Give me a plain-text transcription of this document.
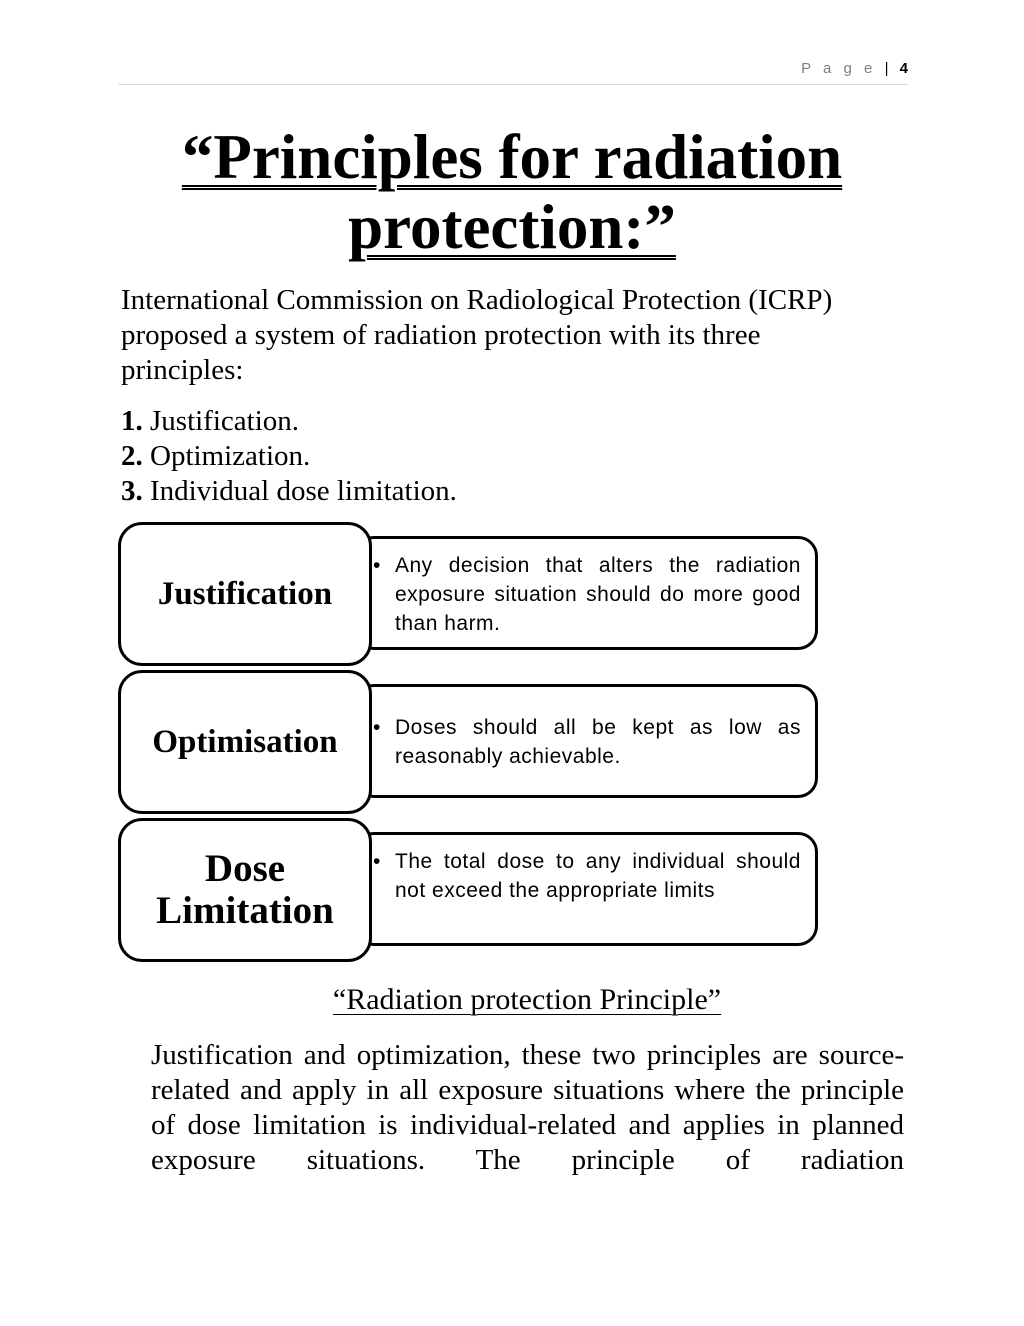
P a g e | 4
“Principles for radiation
protection:”
International Commission on Radiological Protection (ICRP) proposed a system of radiation protection with its three principles:
1. Justification.
2. Optimization.
3. Individual dose limitation.
• Any decision that alters the radiation exposure situation should do more good than harm.
Justification
• Doses should all be kept as low as reasonably achievable.
Optimisation
• The total dose to any individual should not exceed the appropriate limits
Dose
Limitation
“Radiation protection Principle”
Justification and optimization, these two principles are source-related and apply in all exposure situations where the principle of dose limitation is individual-related and applies in planned exposure situations. The principle of radiation
